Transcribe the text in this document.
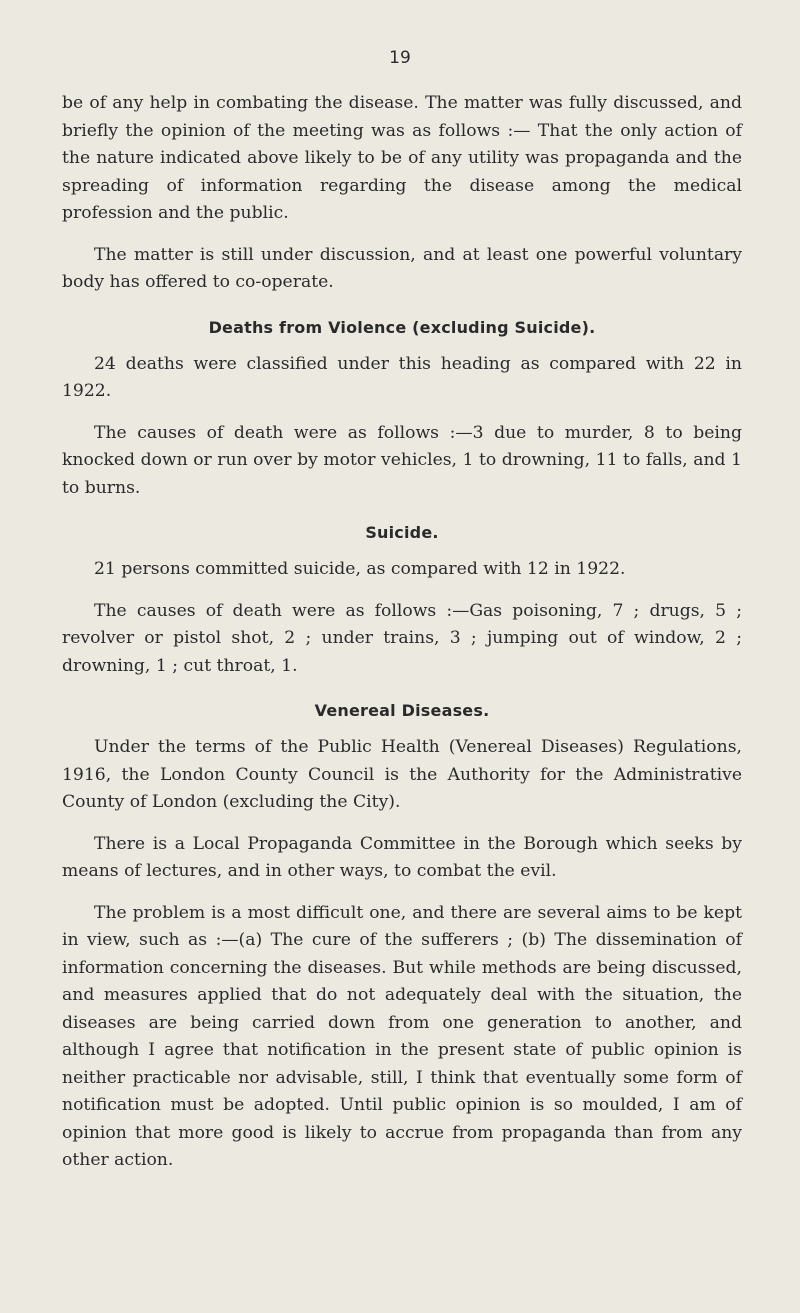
19

be of any help in combating the disease. The matter was fully discussed, and briefly the opinion of the meeting was as follows :— That the only action of the nature indicated above likely to be of any utility was propaganda and the spreading of information regarding the disease among the medical profession and the public.

The matter is still under discussion, and at least one powerful voluntary body has offered to co-operate.

Deaths from Violence (excluding Suicide).

24 deaths were classified under this heading as compared with 22 in 1922.

The causes of death were as follows :—3 due to murder, 8 to being knocked down or run over by motor vehicles, 1 to drowning, 11 to falls, and 1 to burns.

Suicide.

21 persons committed suicide, as compared with 12 in 1922.

The causes of death were as follows :—Gas poisoning, 7 ; drugs, 5 ; revolver or pistol shot, 2 ; under trains, 3 ; jumping out of window, 2 ; drowning, 1 ; cut throat, 1.

Venereal Diseases.

Under the terms of the Public Health (Venereal Diseases) Regulations, 1916, the London County Council is the Authority for the Administrative County of London (excluding the City).

There is a Local Propaganda Committee in the Borough which seeks by means of lectures, and in other ways, to combat the evil.

The problem is a most difficult one, and there are several aims to be kept in view, such as :—(a) The cure of the sufferers ; (b) The dissemination of information concerning the diseases. But while methods are being discussed, and measures applied that do not adequately deal with the situation, the diseases are being carried down from one generation to another, and although I agree that notification in the present state of public opinion is neither practicable nor advisable, still, I think that eventually some form of notification must be adopted. Until public opinion is so moulded, I am of opinion that more good is likely to accrue from propaganda than from any other action.
